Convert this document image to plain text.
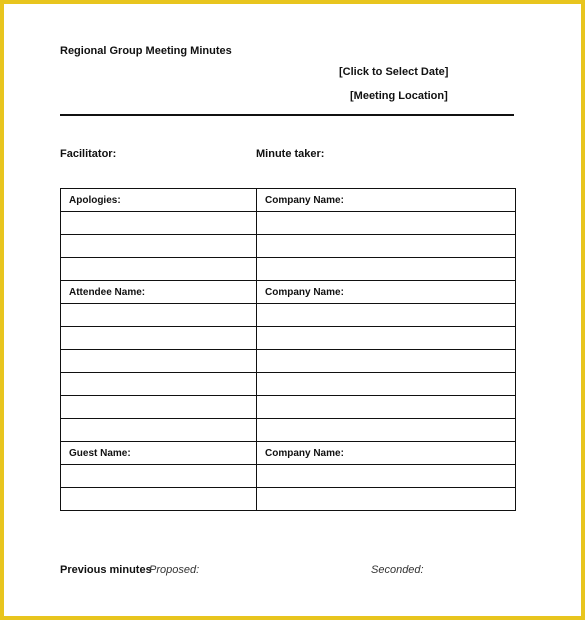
Regional Group Meeting Minutes
[Click to Select Date]
[Meeting Location]
Facilitator:	Minute taker:
Apologies:	Company Name:

Attendee Name:	Company Name:

Guest Name:	Company Name:

Previous minutes
Proposed:	Seconded:
